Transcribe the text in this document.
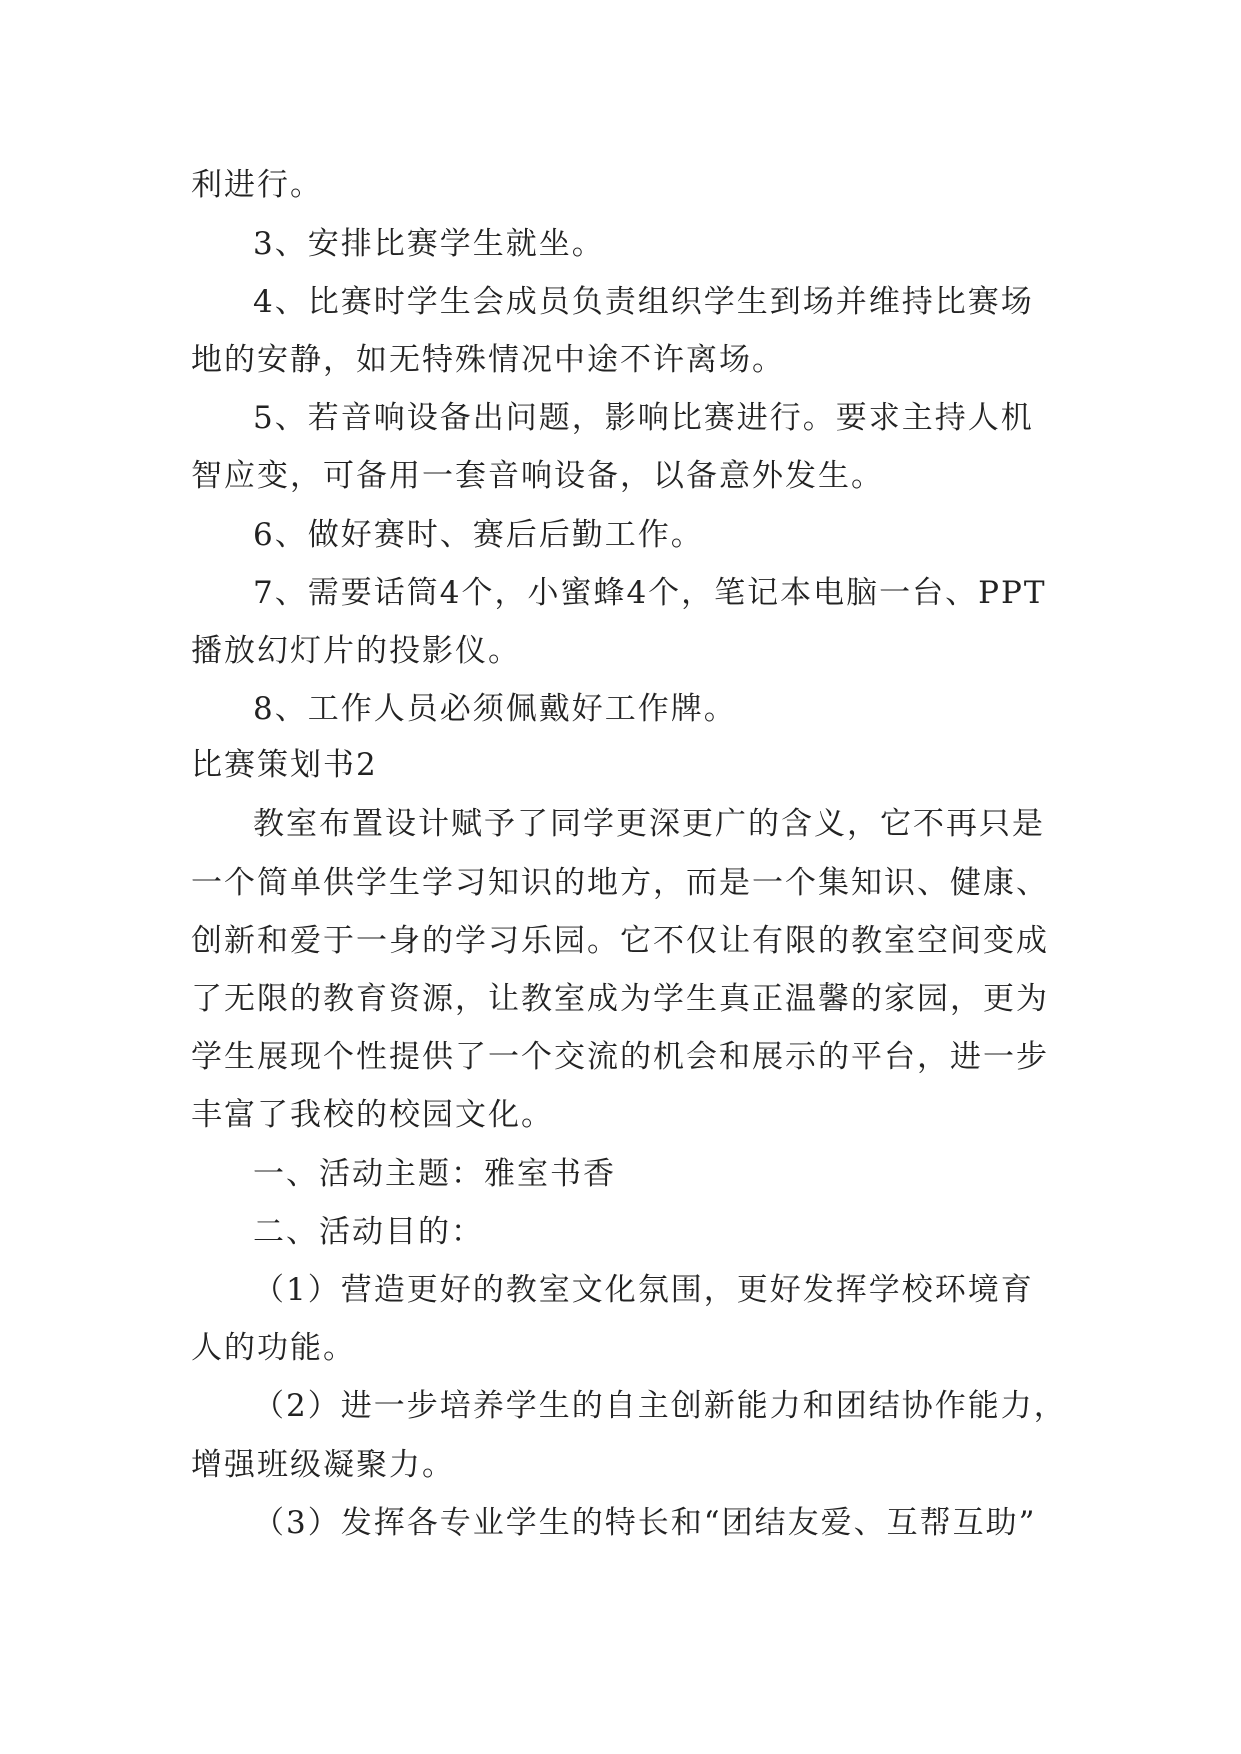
利进行。
3、安排比赛学生就坐。
4、比赛时学生会成员负责组织学生到场并维持比赛场
地的安静，如无特殊情况中途不许离场。
5、若音响设备出问题，影响比赛进行。要求主持人机
智应变，可备用一套音响设备，以备意外发生。
6、做好赛时、赛后后勤工作。
7、需要话筒4个，小蜜蜂4个，笔记本电脑一台、PPT
播放幻灯片的投影仪。
8、工作人员必须佩戴好工作牌。
比赛策划书2
教室布置设计赋予了同学更深更广的含义，它不再只是
一个简单供学生学习知识的地方，而是一个集知识、健康、
创新和爱于一身的学习乐园。它不仅让有限的教室空间变成
了无限的教育资源，让教室成为学生真正温馨的家园，更为
学生展现个性提供了一个交流的机会和展示的平台，进一步
丰富了我校的校园文化。
一、活动主题：雅室书香
二、活动目的：
（1）营造更好的教室文化氛围，更好发挥学校环境育
人的功能。
（2）进一步培养学生的自主创新能力和团结协作能力，
增强班级凝聚力。
（3）发挥各专业学生的特长和“团结友爱、互帮互助”
